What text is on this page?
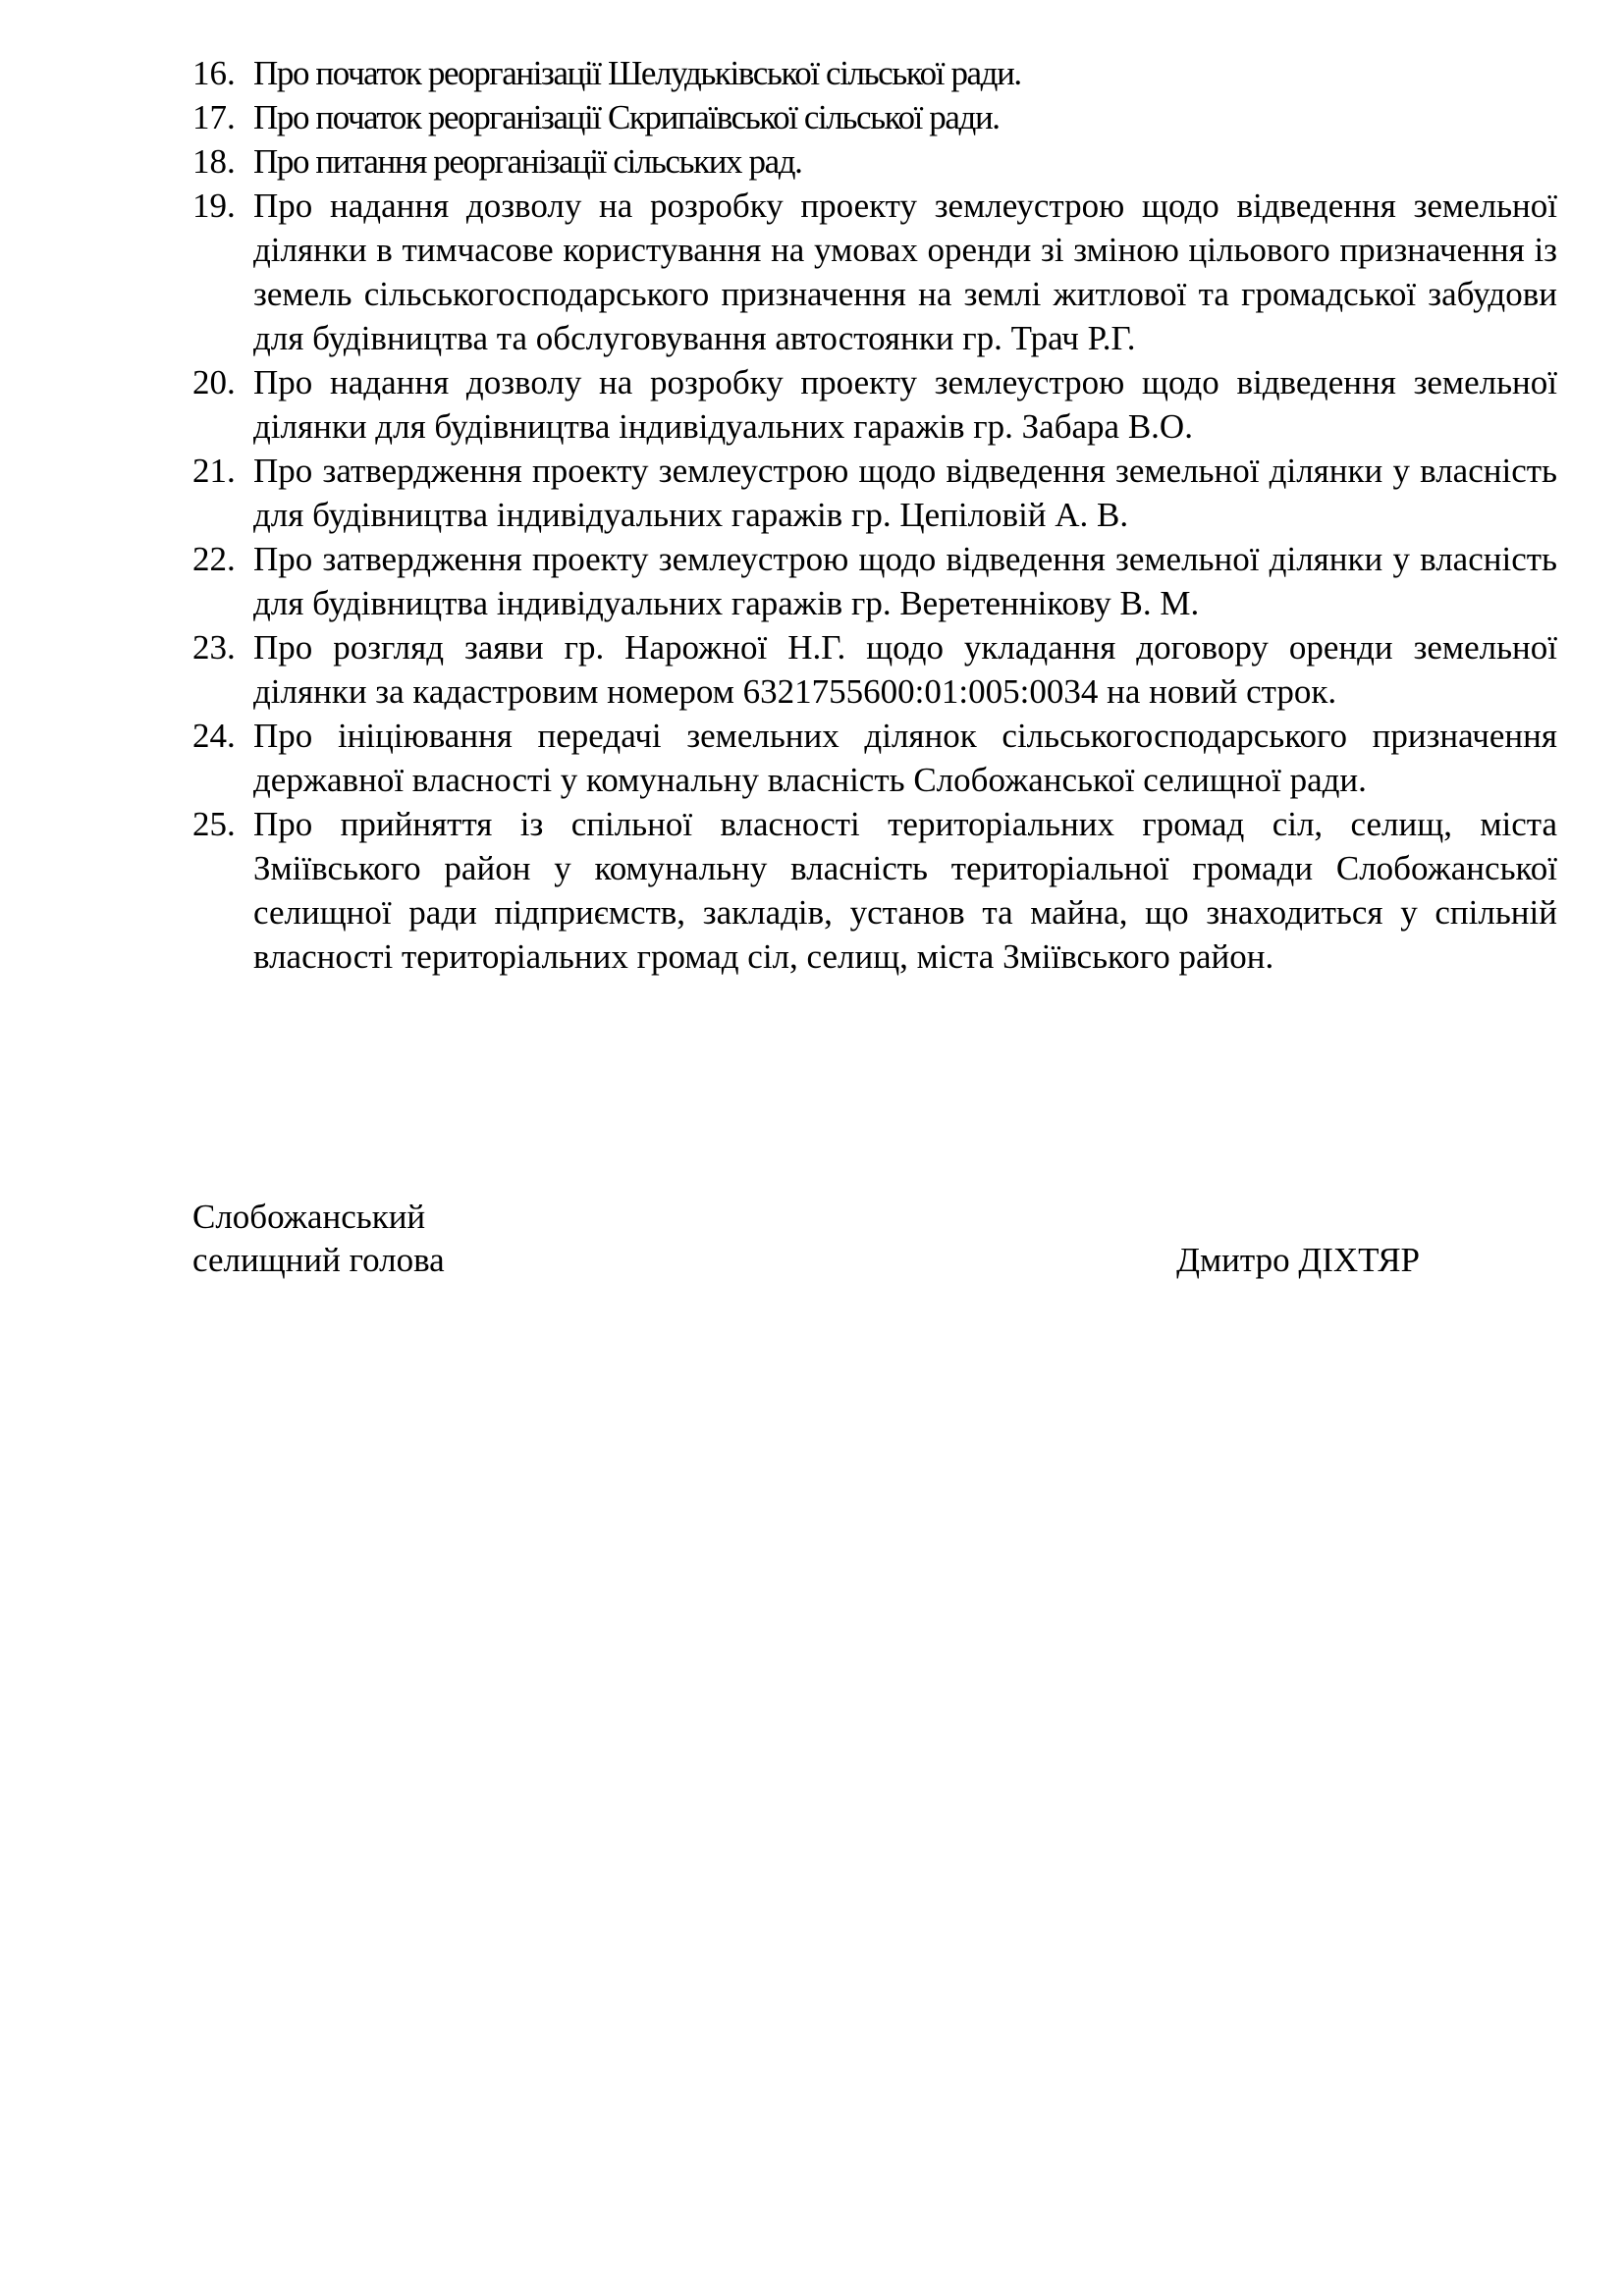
16. Про початок реорганізації Шелудьківської сільської ради.
17. Про початок реорганізації Скрипаївської сільської ради.
18. Про питання реорганізації сільських рад.
19. Про надання дозволу на розробку проекту землеустрою щодо відведення земельної ділянки в тимчасове користування на умовах оренди зі зміною цільового призначення із земель сільськогосподарського призначення на землі житлової та громадської забудови для будівництва та обслуговування автостоянки гр. Трач Р.Г.
20. Про надання дозволу на розробку проекту землеустрою щодо відведення земельної ділянки для будівництва індивідуальних гаражів гр. Забара В.О.
21. Про затвердження проекту землеустрою щодо відведення земельної ділянки у власність для будівництва індивідуальних гаражів гр. Цепіловій А. В.
22. Про затвердження проекту землеустрою щодо відведення земельної ділянки у власність для будівництва індивідуальних гаражів гр. Веретеннікову В. М.
23. Про розгляд заяви гр. Нарожної Н.Г. щодо укладання договору оренди земельної ділянки за кадастровим номером 6321755600:01:005:0034 на новий строк.
24. Про ініціювання передачі земельних ділянок сільськогосподарського призначення державної власності у комунальну власність Слобожанської селищної ради.
25. Про прийняття із спільної власності територіальних громад сіл, селищ, міста Зміївського район у комунальну власність територіальної громади Слобожанської селищної ради підприємств, закладів, установ та майна, що знаходиться у спільній власності територіальних громад сіл, селищ, міста Зміївського район.
Слобожанський
селищний голова	Дмитро ДІХТЯР
